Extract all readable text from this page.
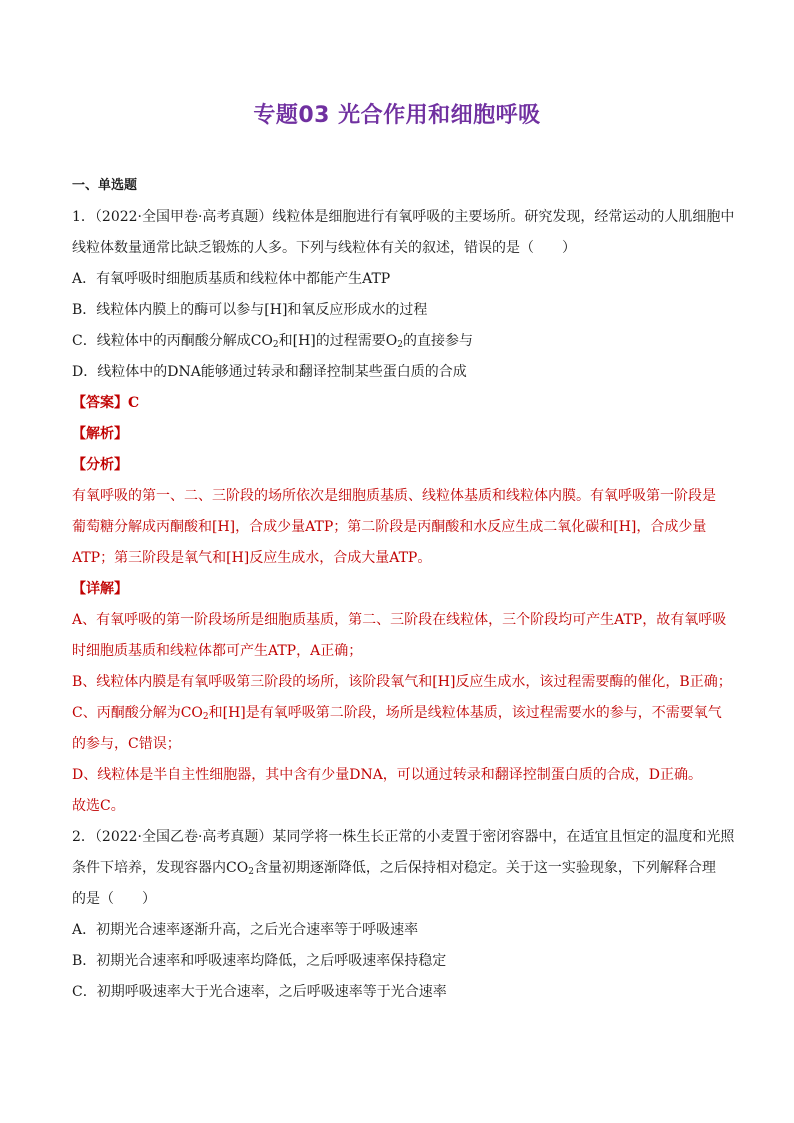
专题03 光合作用和细胞呼吸
一、单选题
1．（2022·全国甲卷·高考真题）线粒体是细胞进行有氧呼吸的主要场所。研究发现，经常运动的人肌细胞中
线粒体数量通常比缺乏锻炼的人多。下列与线粒体有关的叙述，错误的是（　　）
A．有氧呼吸时细胞质基质和线粒体中都能产生ATP
B．线粒体内膜上的酶可以参与[H]和氧反应形成水的过程
C．线粒体中的丙酮酸分解成$CO_2$和[H]的过程需要$O_2$的直接参与
D．线粒体中的DNA能够通过转录和翻译控制某些蛋白质的合成
【答案】C
【解析】
【分析】
有氧呼吸的第一、二、三阶段的场所依次是细胞质基质、线粒体基质和线粒体内膜。有氧呼吸第一阶段是
葡萄糖分解成丙酮酸和[H]，合成少量ATP；第二阶段是丙酮酸和水反应生成二氧化碳和[H]，合成少量
ATP；第三阶段是氧气和[H]反应生成水，合成大量ATP。
【详解】
A、有氧呼吸的第一阶段场所是细胞质基质，第二、三阶段在线粒体，三个阶段均可产生ATP，故有氧呼吸
时细胞质基质和线粒体都可产生ATP，A正确；
B、线粒体内膜是有氧呼吸第三阶段的场所，该阶段氧气和[H]反应生成水，该过程需要酶的催化，B正确；
C、丙酮酸分解为$CO_2$和[H]是有氧呼吸第二阶段，场所是线粒体基质，该过程需要水的参与，不需要氧气
的参与，C错误；
D、线粒体是半自主性细胞器，其中含有少量DNA，可以通过转录和翻译控制蛋白质的合成，D正确。
故选C。
2．（2022·全国乙卷·高考真题）某同学将一株生长正常的小麦置于密闭容器中，在适宜且恒定的温度和光照
条件下培养，发现容器内$CO_2$含量初期逐渐降低，之后保持相对稳定。关于这一实验现象，下列解释合理
的是（　　）
A．初期光合速率逐渐升高，之后光合速率等于呼吸速率
B．初期光合速率和呼吸速率均降低，之后呼吸速率保持稳定
C．初期呼吸速率大于光合速率，之后呼吸速率等于光合速率
